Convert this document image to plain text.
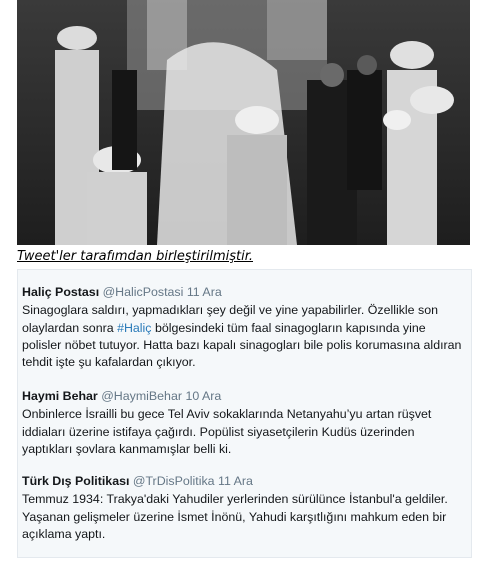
Tweet'ler tarafımdan birleştirilmiştir.
Haliç Postası @HalicPostasi 11 Ara
Sinagoglara saldırı, yapmadıkları şey değil ve yine yapabilirler. Özellikle son olaylardan sonra #Haliç bölgesindeki tüm faal sinagogların kapısında yine polisler nöbet tutuyor. Hatta bazı kapalı sinagogları bile polis korumasına aldıran tehdit işte şu kafalardan çıkıyor.
Haymi Behar @HaymiBehar 10 Ara
Onbinlerce İsrailli bu gece Tel Aviv sokaklarında Netanyahu’yu artan rüşvet iddiaları üzerine istifaya çağırdı. Popülist siyasetçilerin Kudüs üzerinden yaptıkları şovlara kanmamışlar belli ki.
Türk Dış Politikası @TrDisPolitika 11 Ara
Temmuz 1934: Trakya'daki Yahudiler yerlerinden sürülünce İstanbul'a geldiler. Yaşanan gelişmeler üzerine İsmet İnönü, Yahudi karşıtlığını mahkum eden bir açıklama yaptı.
